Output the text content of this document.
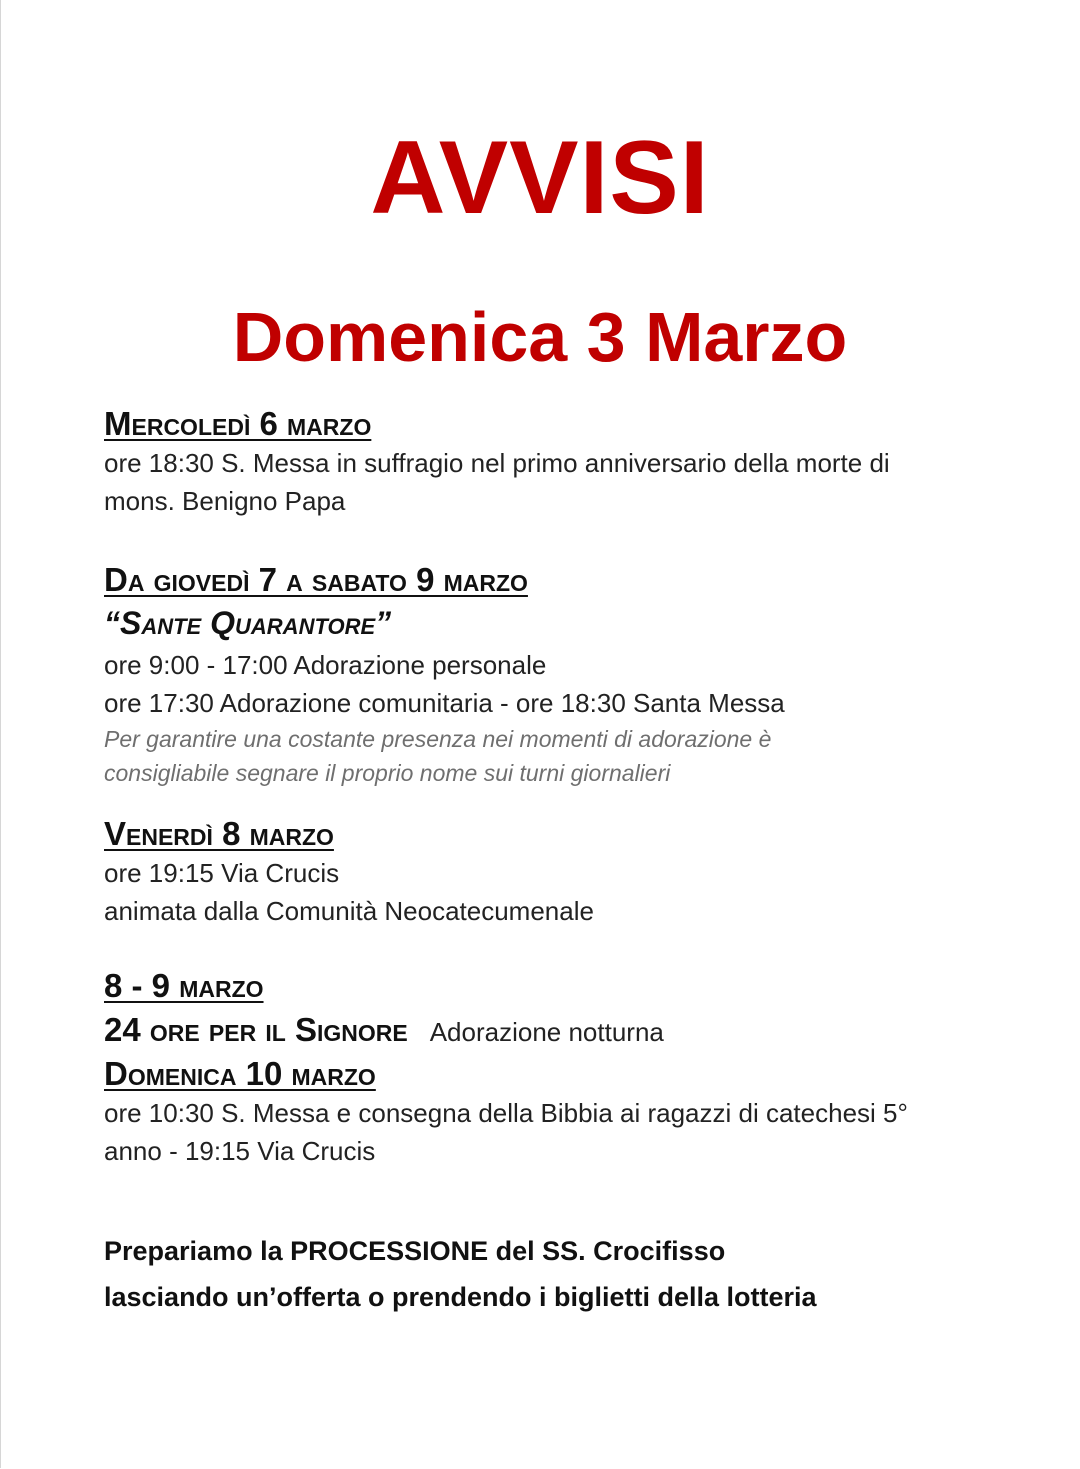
AVVISI
Domenica 3 Marzo

Mercoledì 6 marzo

ore 18:30 S. Messa in suffragio nel primo anniversario della morte di

mons. Benigno Papa

Da giovedì 7 a sabato 9 marzo

“Sante Quarantore”

ore 9:00 - 17:00 Adorazione personale

ore 17:30 Adorazione comunitaria - ore 18:30 Santa Messa

Per garantire una costante presenza nei momenti di adorazione è

consigliabile segnare il proprio nome sui turni giornalieri

Venerdì 8 marzo

ore 19:15 Via Crucis

animata dalla Comunità Neocatecumenale

8 - 9 marzo

24 ore per il Signore Adorazione notturna

Domenica 10 marzo

ore 10:30 S. Messa e consegna della Bibbia ai ragazzi di catechesi 5°

anno - 19:15 Via Crucis

Prepariamo la PROCESSIONE del SS. Crocifisso

lasciando un’offerta o prendendo i biglietti della lotteria
